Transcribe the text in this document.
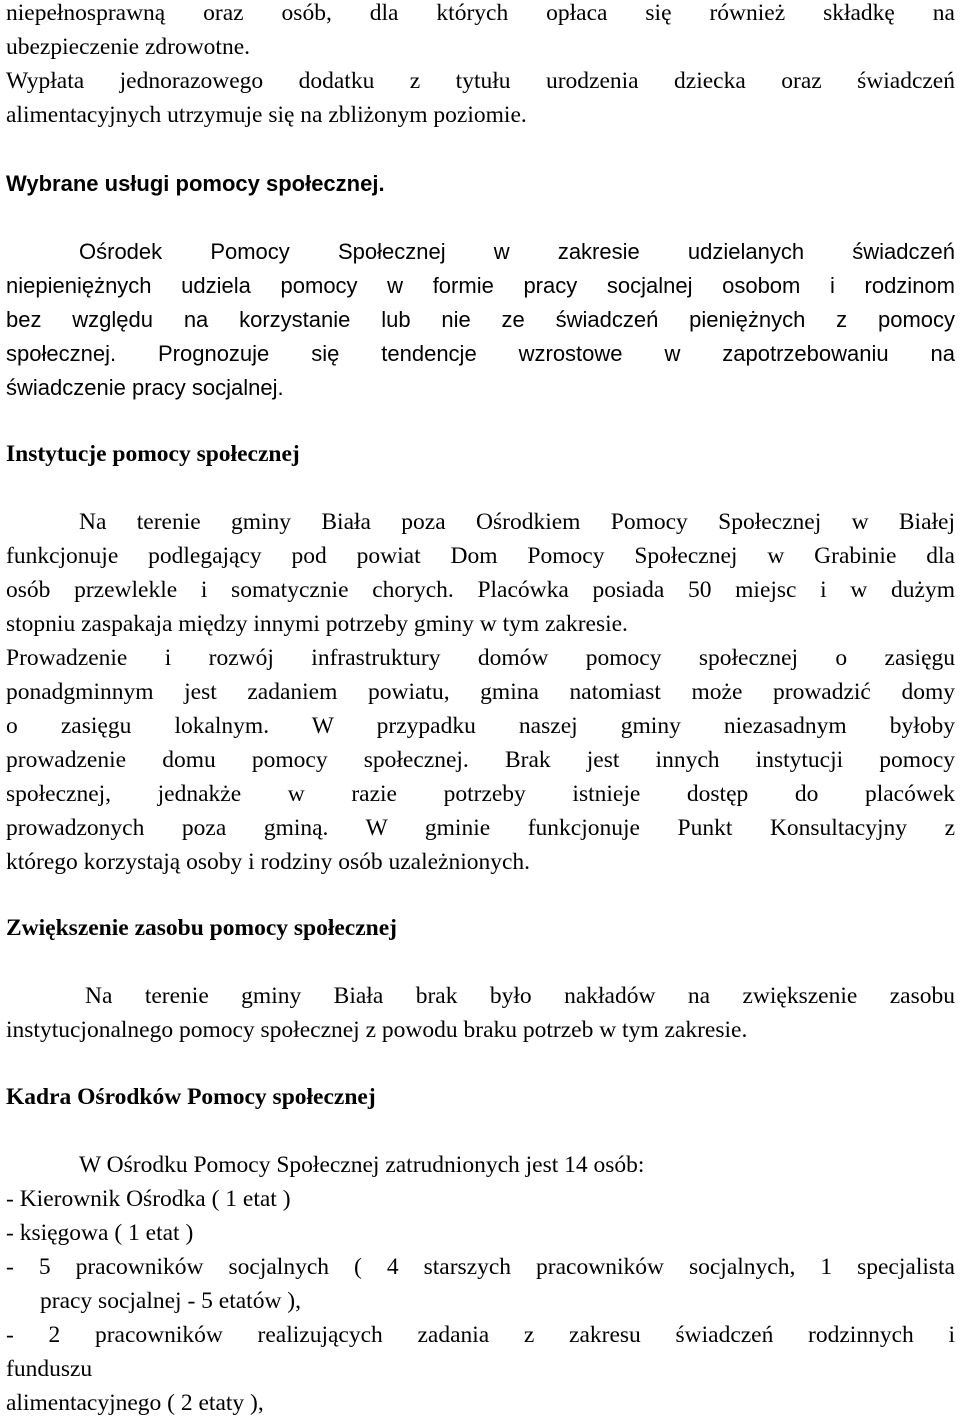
niepełnosprawną oraz osób, dla których opłaca się również składkę na
ubezpieczenie zdrowotne.
Wypłata jednorazowego dodatku z tytułu urodzenia dziecka oraz świadczeń
alimentacyjnych utrzymuje się na zbliżonym poziomie.
Wybrane usługi pomocy społecznej.
Ośrodek Pomocy Społecznej w zakresie udzielanych świadczeń
niepieniężnych udziela pomocy w formie pracy socjalnej osobom i rodzinom
bez względu na korzystanie lub nie ze świadczeń pieniężnych z pomocy
społecznej. Prognozuje się tendencje wzrostowe w zapotrzebowaniu na
świadczenie pracy socjalnej.
Instytucje pomocy społecznej
Na terenie gminy Biała poza Ośrodkiem Pomocy Społecznej w Białej
funkcjonuje podlegający pod powiat Dom Pomocy Społecznej w Grabinie dla
osób przewlekle i somatycznie chorych. Placówka posiada 50 miejsc i w dużym
stopniu zaspakaja między innymi potrzeby gminy w tym zakresie.
Prowadzenie i rozwój infrastruktury domów pomocy społecznej o zasięgu
ponadgminnym jest zadaniem powiatu, gmina natomiast może prowadzić domy
o zasięgu lokalnym. W przypadku naszej gminy niezasadnym byłoby
prowadzenie domu pomocy społecznej. Brak jest innych instytucji pomocy
społecznej, jednakże w razie potrzeby istnieje dostęp do placówek
prowadzonych poza gminą. W gminie funkcjonuje Punkt Konsultacyjny z
którego korzystają osoby i rodziny osób uzależnionych.
Zwiększenie zasobu pomocy społecznej
Na terenie gminy Biała brak było nakładów na zwiększenie zasobu
instytucjonalnego pomocy społecznej z powodu braku potrzeb w tym zakresie.
Kadra Ośrodków Pomocy społecznej
W Ośrodku Pomocy Społecznej zatrudnionych jest 14 osób:
- Kierownik Ośrodka ( 1 etat )
- księgowa ( 1 etat )
- 5 pracowników socjalnych ( 4 starszych pracowników socjalnych, 1 specjalista
pracy socjalnej - 5 etatów ),
- 2 pracowników realizujących zadania z zakresu świadczeń rodzinnych i
funduszu
alimentacyjnego ( 2 etaty ),
